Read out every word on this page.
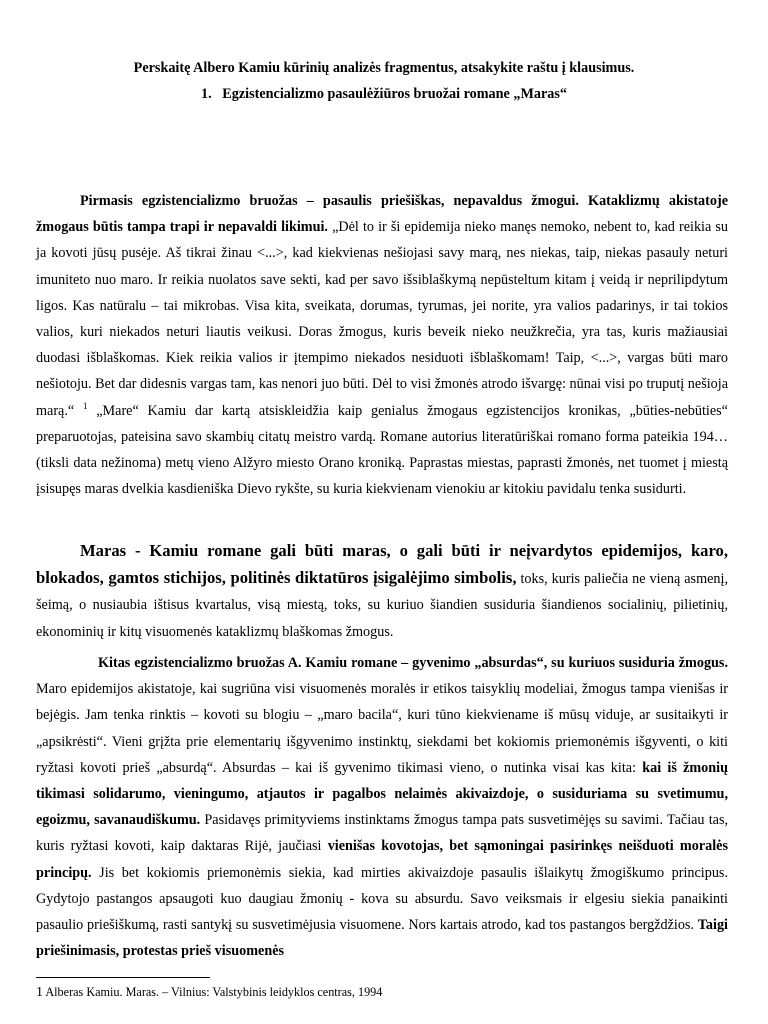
Perskaitę Albero Kamiu kūrinių analizės fragmentus, atsakykite raštu į klausimus.
1. Egzistencializmo pasaulėžiūros bruožai romane „Maras“

Pirmasis egzistencializmo bruožas – pasaulis priešiškas, nepavaldus žmogui. Kataklizmų akistatoje žmogaus būtis tampa trapi ir nepavaldi likimui. „Dėl to ir ši epidemija nieko manęs nemoko, nebent to, kad reikia su ja kovoti jūsų pusėje. Aš tikrai žinau <...>, kad kiekvienas nešiojasi savy marą, nes niekas, taip, niekas pasauly neturi imuniteto nuo maro. Ir reikia nuolatos save sekti, kad per savo išsiblaškymą nepūsteltum kitam į veidą ir neprilipdytum ligos. Kas natūralu – tai mikrobas. Visa kita, sveikata, dorumas, tyrumas, jei norite, yra valios padarinys, ir tai tokios valios, kuri niekados neturi liautis veikusi. Doras žmogus, kuris beveik nieko neužkrečia, yra tas, kuris mažiausiai duodasi išblaškomas. Kiek reikia valios ir įtempimo niekados nesiduoti išblaškomam! Taip, <...>, vargas būti maro nešiotoju. Bet dar didesnis vargas tam, kas nenori juo būti. Dėl to visi žmonės atrodo išvargę: nūnai visi po truputį nešioja marą.“ $^1$ „Mare“ Kamiu dar kartą atsiskleidžia kaip genialus žmogaus egzistencijos kronikas, „būties-nebūties“ preparuotojas, pateisina savo skambių citatų meistro vardą. Romane autorius literatūriškai romano forma pateikia 194… (tiksli data nežinoma) metų vieno Alžyro miesto Orano kroniką. Paprastas miestas, paprasti žmonės, net tuomet į miestą įsisupęs maras dvelkia kasdieniška Dievo rykšte, su kuria kiekvienam vienokiu ar kitokiu pavidalu tenka susidurti.

Maras - Kamiu romane gali būti maras, o gali būti ir neįvardytos epidemijos, karo, blokados, gamtos stichijos, politinės diktatūros įsigalėjimo simbolis, toks, kuris paliečia ne vieną asmenį, šeimą, o nusiaubia ištisus kvartalus, visą miestą, toks, su kuriuo šiandien susiduria šiandienos socialinių, pilietinių, ekonominių ir kitų visuomenės kataklizmų blaškomas žmogus.

Kitas egzistencializmo bruožas A. Kamiu romane – gyvenimo „absurdas“, su kuriuos susiduria žmogus. Maro epidemijos akistatoje, kai sugriūna visi visuomenės moralės ir etikos taisyklių modeliai, žmogus tampa vienišas ir bejėgis. Jam tenka rinktis – kovoti su blogiu – „maro bacila“, kuri tūno kiekviename iš mūsų viduje, ar susitaikyti ir „apsikrėsti“. Vieni grįžta prie elementarių išgyvenimo instinktų, siekdami bet kokiomis priemonėmis išgyventi, o kiti ryžtasi kovoti prieš „absurdą“. Absurdas – kai iš gyvenimo tikimasi vieno, o nutinka visai kas kita: kai iš žmonių tikimasi solidarumo, vieningumo, atjautos ir pagalbos nelaimės akivaizdoje, o susiduriama su svetimumu, egoizmu, savanaudiškumu. Pasidavęs primityviems instinktams žmogus tampa pats susvetimėjęs su savimi. Tačiau tas, kuris ryžtasi kovoti, kaip daktaras Rijė, jaučiasi vienišas kovotojas, bet sąmoningai pasirinkęs neišduoti moralės principų. Jis bet kokiomis priemonėmis siekia, kad mirties akivaizdoje pasaulis išlaikytų žmogiškumo principus. Gydytojo pastangos apsaugoti kuo daugiau žmonių - kova su absurdu. Savo veiksmais ir elgesiu siekia panaikinti pasaulio priešiškumą, rasti santykį su susvetimėjusia visuomene. Nors kartais atrodo, kad tos pastangos bergždžios. Taigi priešinimasis, protestas prieš visuomenės

1 Alberas Kamiu. Maras. – Vilnius: Valstybinis leidyklos centras, 1994
